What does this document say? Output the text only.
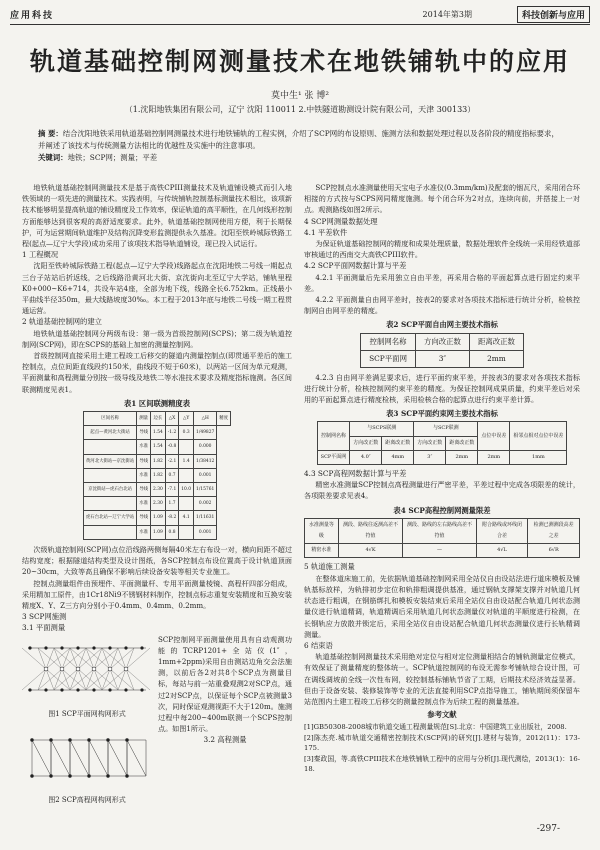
应用科技	2014年第3期	科技创新与应用
轨道基础控制网测量技术在地铁铺轨中的应用
莫中生¹ 张 博²
（1.沈阳地铁集团有限公司，辽宁 沈阳 110011 2.中铁隧道勘测设计院有限公司，天津 300133）
摘 要：结合沈阳地铁采用轨道基础控制网测量技术进行地铁铺轨的工程实例，介绍了SCP网的布设原则、施测方法和数据处理过程以及各阶段的精度指标要求，并阐述了该技术与传统测量方法相比的优越性及实施中的注意事项。
关键词：地铁；SCP网；测量；平差

地铁轨道基础控制网测量技术是基于高铁CPIII测量技术及轨道铺设模式而引入地铁领域的一项先进的测量技术。实践表明，与传统铺轨控制基标测量技术相比，该项新技术能够明显提高轨道的铺设精度及工作效率，保证轨道的高平顺性，在几何线形控制方面能够达到很客观的高舒适度要求。此外，轨道基础控制网使用方便，利于长期保护，可为运营期间轨道维护及结构沉降变形监测提供永久基准。沈阳至铁岭城际铁路工程(起点—辽宁大学段)成功采用了该项技术指导轨道铺设，现已投入试运行。

1 工程概况

沈阳至铁岭城际铁路工程(起点—辽宁大学段)线路起点在沈阳地铁二号线一期起点三台子站站后折返线，之后线路沿黄河北大街、京沈街向北至辽宁大学站，铺轨里程K0+000~K6+714，共设车站4座，全部为地下线，线路全长6.752km。正线最小平曲线半径350m，最大线路坡度30‰。本工程于2013年底与地铁二号线一期工程贯通运营。

2 轨道基础控制网的建立

地铁轨道基础控制网分两级布设：第一级为首级控制网(SCPS)；第二级为轨道控制网(SCP网)，即在SCPS的基础上加密的测量控制网。

首级控制网直接采用土建工程竣工后移交的隧道内测量控制点(即贯通平差后的施工控制点，点位间距直线段约150米，曲线段不短于60米)，以两站一区间为单元观测，平面测量和高程测量分别按一级导线及地铁二等水准技术要求及精度指标施测。各区间联测精度见表1。

表1 区间联测精度表
区间名称	测量	边长	△X	△Y	△H	精度
起点—黄河北大街站	导线	1.54	-1.2	0.3	1/49827	
	水准	1.54	-0.8		0.000	
黄河北大街站—京沈街站	导线	1.82	-2.1	1.4	1/38412	
	水准	1.82	0.7		0.001	
京沈街站—虎石台北站	导线	2.30	-7.1	10.0	1/15761	
	水准	2.30	1.7		0.002	
虎石台北站—辽宁大学站	导线	1.09	-8.2	4.1	1/11631	
	水准	1.09	0.8		0.001	

次级轨道控制网(SCP网)点位沿线路两侧每隔40米左右布设一对，横向间距不超过结构宽度；根据隧道结构类型及设计图纸，各SCP控制点布设位置高于设计轨道顶面20~30cm，大致等高且确保不影响后续设备安装等相关专业施工。

控制点测量组件由预埋件、平面测量杆、专用平面测量棱镜、高程杆四部分组成，采用精加工原件，由1Cr18Ni9不锈钢材料制作，控制点标志重复安装精度和互换安装精度X、Y、Z三方向分别小于0.4mm、0.4mm、0.2mm。

3 SCP网施测
3.1 平面测量
图1 SCP平面网构网形式
图2 SCP高程网构网形式

SCP控制网平面测量使用具有自动观测功能的TCRP1201+全站仪(1″，1mm+2ppm)采用自由测站边角交会法施测，以前后各2对共8个SCP点为测量目标，每站与前一站重叠观测2对SCP点，通过2对SCP点，以保证每个SCP点被测量3次，同时保证观测视距不大于120m。施测过程中每200~400m联测一个SCPS控制点。如图1所示。

3.2 高程测量

SCP控制点水准测量使用天宝电子水准仪(0.3mm/km)及配套的铟瓦尺，采用闭合环相接的方式按与SCPS网同精度施测。每个闭合环为2对点，连续向前，并搭接上一对点。观测路线如图2所示。

4 SCP网测量数据处理
4.1 平差软件

为保证轨道基础控制网的精度和成果处理质量，数据处理软件全线统一采用经铁道部审核通过的西南交大高铁CPIII软件。

4.2 SCP平面网数据计算与平差

4.2.1 平面测量后先采用独立自由平差，再采用合格的平面起算点进行固定约束平差。

4.2.2 平面测量自由网平差时，按表2的要求对各项技术指标进行统计分析，检核控制网自由网平差的精度。

表2 SCP平面自由网主要技术指标
控制网名称	方向改正数	距离改正数
SCP平面网	3″	2mm

4.2.3 自由网平差满足要求后，进行平面约束平差，并按表3的要求对各项技术指标进行统计分析，检核控制网约束平差的精度。为保证控制网成果质量，约束平差后对采用的平面起算点进行精度检核，采用检核合格的起算点进行约束平差计算。

表3 SCP平面约束网主要技术指标
控制网名称	与SCPS联测		与SCP联测		点位中误差	相邻点相对点位中误差
	方向改正数	距离改正数	方向改正数	距离改正数		
SCP平面网	4.0″	4mm	3″	2mm	2mm	1mm
4.3 SCP高程网数据计算与平差

精密水准测量SCP控制点高程测量进行严密平差，平差过程中完成各项限差的统计，各项限差要求见表4。

表4 SCP高程控制网测量限差
水准测量等级	测段、路线往返测高差不符值	测段、路线的左右路线高差不符值	附合路线或环线闭合差	检测已测测段高差之差
精密水准	4√K	—	4√L	6√R
5 轨道施工测量

在整体道床施工前，先依据轨道基础控制网采用全站仪自由设站法进行道床模板及铺轨基标放样，为轨排初步定位和轨排粗调提供基准，通过钢轨支撑架支撑并对轨道几何状态进行粗调，在钢筋绑扎和模板安装结束后采用全站仪自由设站配合轨道几何状态测量仪进行轨道精调，轨道精调后采用轨道几何状态测量仪对轨道的平顺度进行检测，在长钢轨应力放散并锁定后，采用全站仪自由设站配合轨道几何状态测量仪进行长轨精调测量。

6 结束语

轨道基础控制网测量技术采用绝对定位与相对定位测量相结合的铺轨测量定位模式，有效保证了测量精度的整体统一。SCP轨道控制网的布设无需参考铺轨综合设计图，可在调线调坡前全线一次性布网，较控制基标铺轨节省了工期，后期技术经济效益显著。但由于设备安装、装修装饰等专业的无法直接利用SCP点指导施工，铺轨期间须保留车站范围内土建工程竣工后移交的测量控制点作为后续工程的测量基准。

参考文献

[1]GB50308-2008城市轨道交通工程测量规范[S].北京：中国建筑工业出版社，2008.

[2]陈杰亮.城市轨道交通精密控制技术(SCP网)的研究[J].建材与装饰，2012(11)：173-175.

[3]秦政国，等.高铁CPIII技术在地铁铺轨工程中的应用与分析[J].现代测绘，2013(1)：16-18.

-297-
